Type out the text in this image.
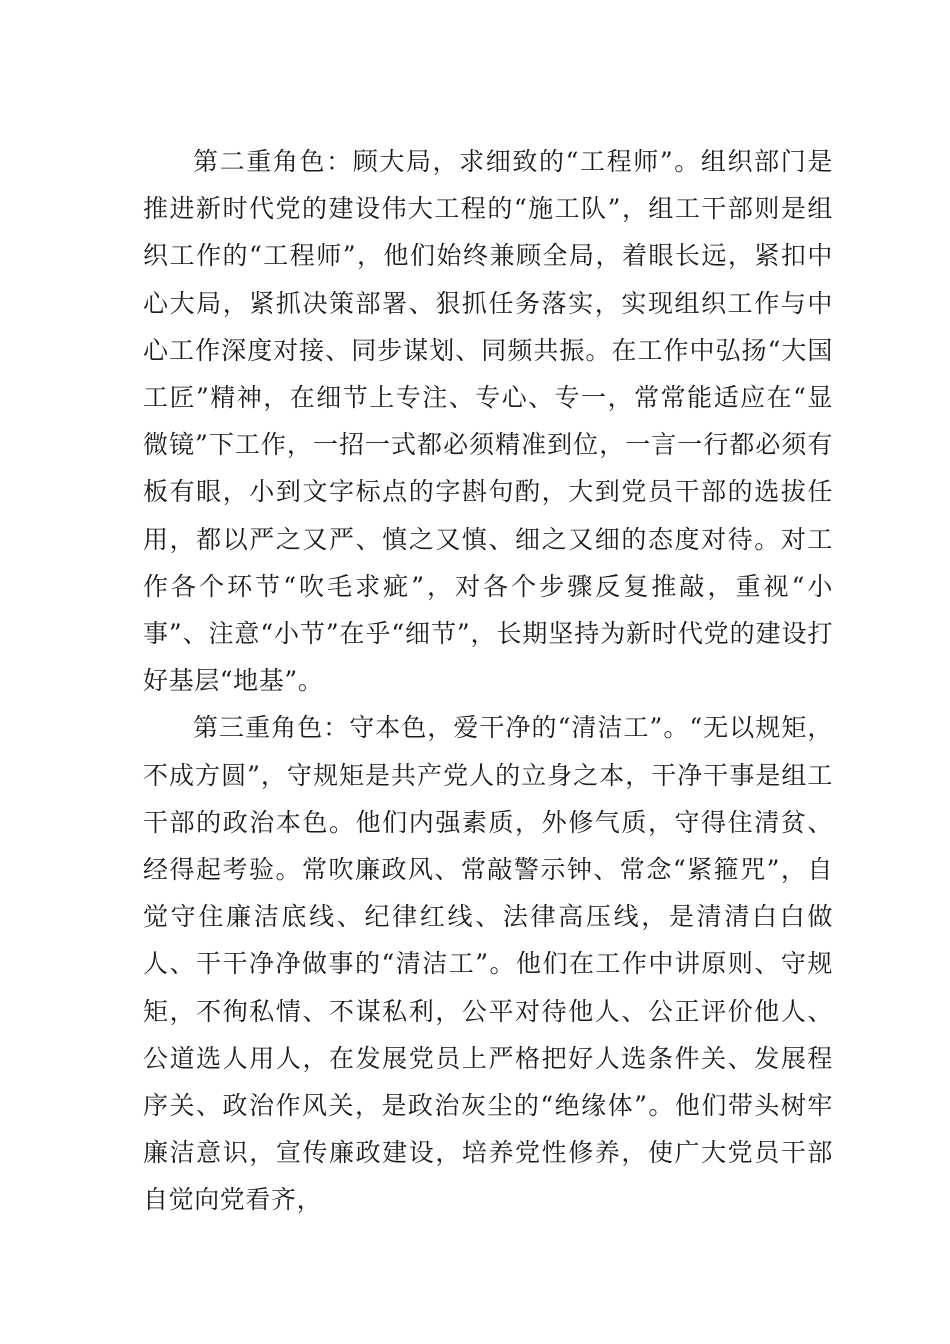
第二重角色：顾大局，求细致的“工程师”。组织部门是推进新时代党的建设伟大工程的“施工队”，组工干部则是组织工作的“工程师”，他们始终兼顾全局，着眼长远，紧扣中心大局，紧抓决策部署、狠抓任务落实，实现组织工作与中心工作深度对接、同步谋划、同频共振。在工作中弘扬“大国工匠”精神，在细节上专注、专心、专一，常常能适应在“显微镜”下工作，一招一式都必须精准到位，一言一行都必须有板有眼，小到文字标点的字斟句酌，大到党员干部的选拔任用，都以严之又严、慎之又慎、细之又细的态度对待。对工作各个环节“吹毛求疵”，对各个步骤反复推敲，重视“小事”、注意“小节”在乎“细节”，长期坚持为新时代党的建设打好基层“地基”。

第三重角色：守本色，爱干净的“清洁工”。“无以规矩，不成方圆”，守规矩是共产党人的立身之本，干净干事是组工干部的政治本色。他们内强素质，外修气质，守得住清贫、经得起考验。常吹廉政风、常敲警示钟、常念“紧箍咒”，自觉守住廉洁底线、纪律红线、法律高压线，是清清白白做人、干干净净做事的“清洁工”。他们在工作中讲原则、守规矩，不徇私情、不谋私利，公平对待他人、公正评价他人、公道选人用人，在发展党员上严格把好人选条件关、发展程序关、政治作风关，是政治灰尘的“绝缘体”。他们带头树牢廉洁意识，宣传廉政建设，培养党性修养，使广大党员干部自觉向党看齐，
